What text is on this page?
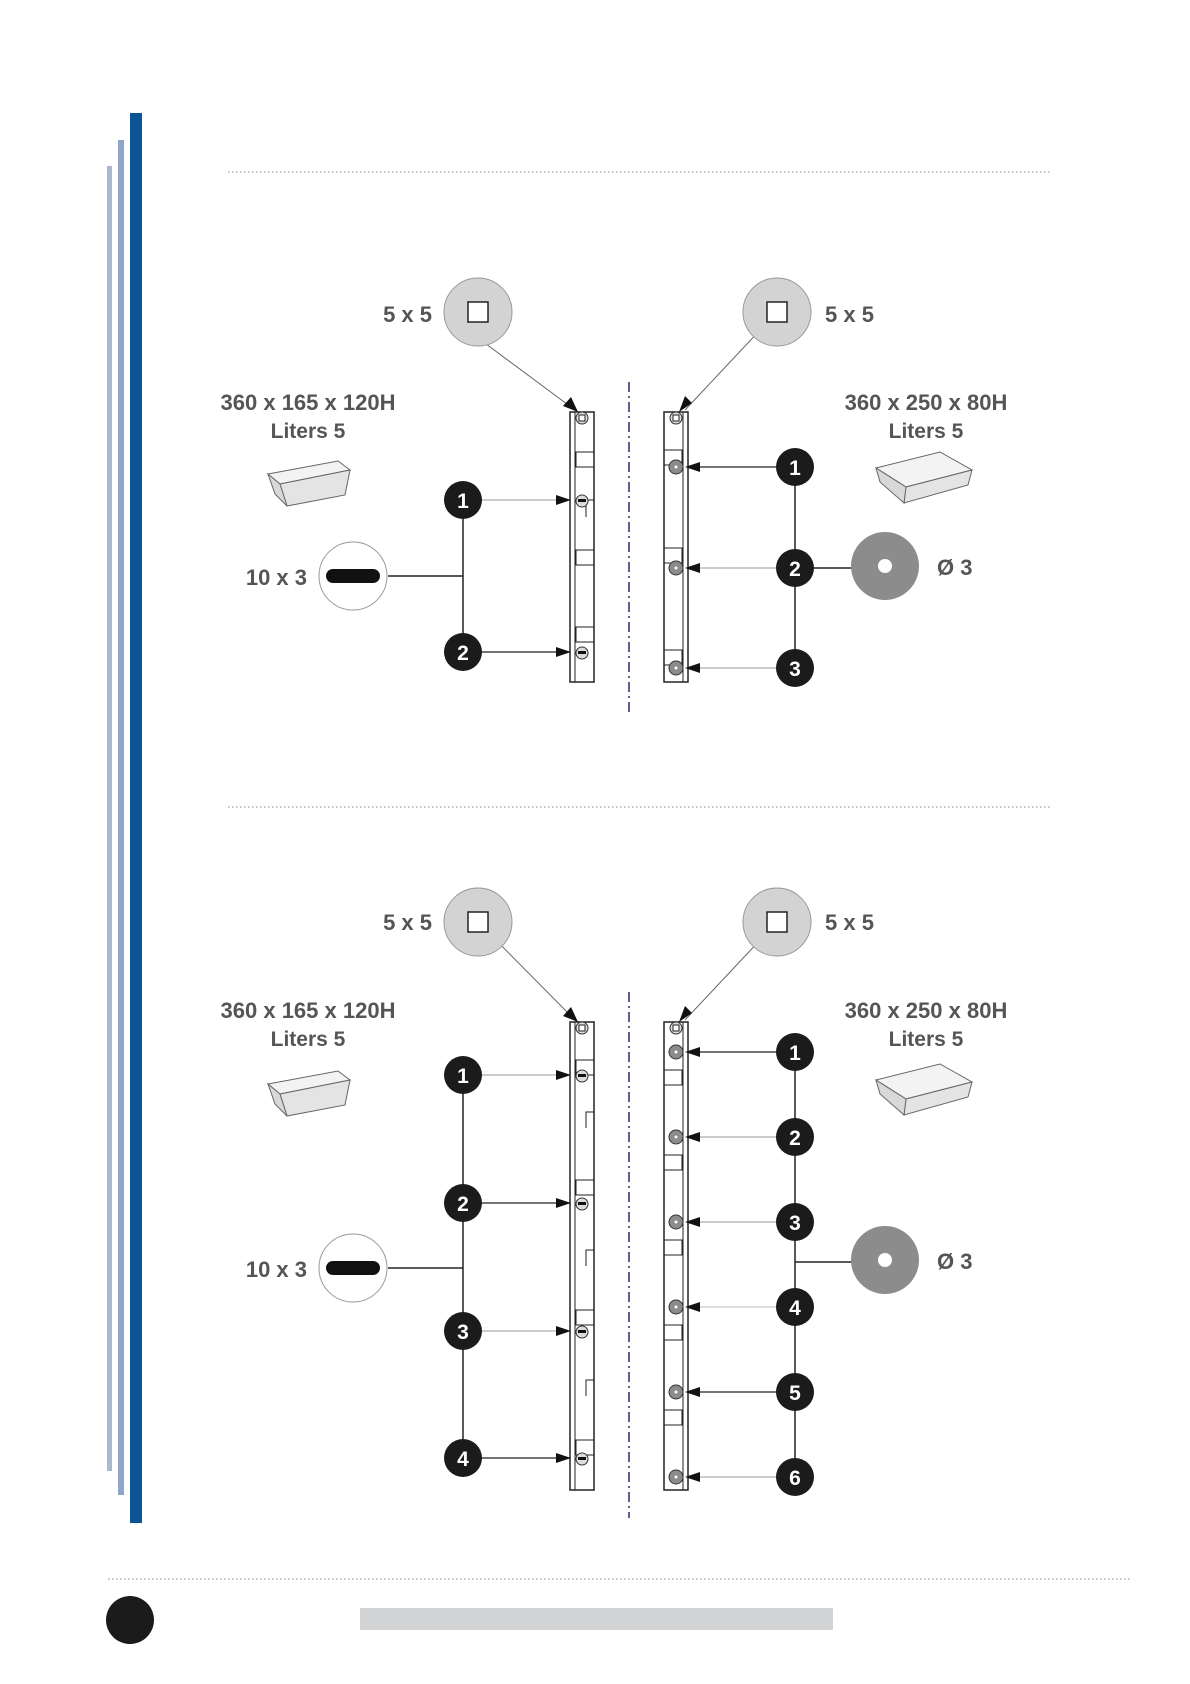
5 x 5
360 x 165 x 120H
Liters 5
10 x 3
1
2
5 x 5
360 x 250 x 80H
Liters 5
Ø 3
1
2
3
5 x 5
360 x 165 x 120H
Liters 5
10 x 3
1
2
3
4
5 x 5
360 x 250 x 80H
Liters 5
Ø 3
1
2
3
4
5
6
